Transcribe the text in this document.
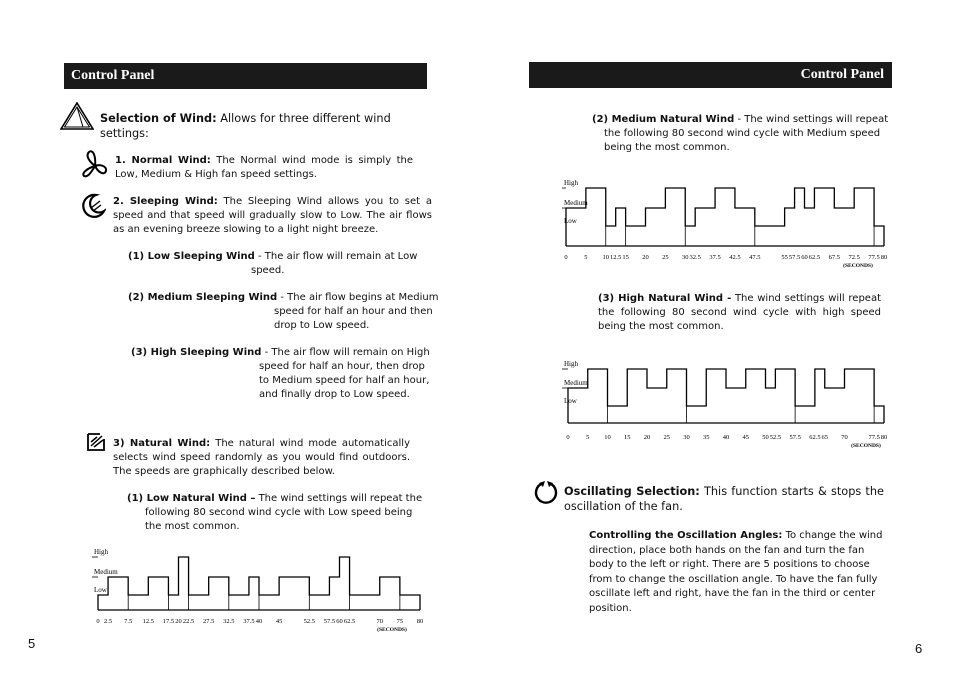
Control Panel
Selection of Wind: Allows for three different wind settings:
1. Normal Wind: The Normal wind mode is simply the Low, Medium & High fan speed settings.
2. Sleeping Wind: The Sleeping Wind allows you to set a speed and that speed will gradually slow to Low. The air flows as an evening breeze slowing to a light night breeze.
(1) Low Sleeping Wind - The air flow will remain at Low
speed.
(2) Medium Sleeping Wind - The air flow begins at Medium
speed for half an hour and then
drop to Low speed.
(3) High Sleeping Wind - The air flow will remain on High
speed for half an hour, then drop
to Medium speed for half an hour,
and finally drop to Low speed.
3) Natural Wind: The natural wind mode automatically selects wind speed randomly as you would find outdoors. The speeds are graphically described below.
(1) Low Natural Wind – The wind settings will repeat the
following 80 second wind cycle with Low speed being
the most common.
High
Medium
Low
0 2.5 7.5 12.5 17.5 20 22.5 27.5 32.5 37.5 40 45	52.5 57.5 60 62.5	70 75 80
(SECONDS)
5
Control Panel
(2) Medium Natural Wind - The wind settings will repeat
the following 80 second wind cycle with Medium speed
being the most common.
High
Medium
Low
0	5 10 12.5 15 20 25 30 32.5 37.5 42.5 47.5	55 57.5 60 62.5 67.5 72.5 77.5 80
(SECONDS)
(3) High Natural Wind - The wind settings will repeat the following 80 second wind cycle with high speed being the most common.
High
Medium
Low
0	5 10 15 20 25 30 35 40 45 50 52.5 57.5 62.5 65 70	77.5 80
(SECONDS)
Oscillating Selection: This function starts & stops the oscillation of the fan.
Controlling the Oscillation Angles: To change the wind direction, place both hands on the fan and turn the fan body to the left or right. There are 5 positions to choose from to change the oscillation angle. To have the fan fully oscillate left and right, have the fan in the third or center position.
6
